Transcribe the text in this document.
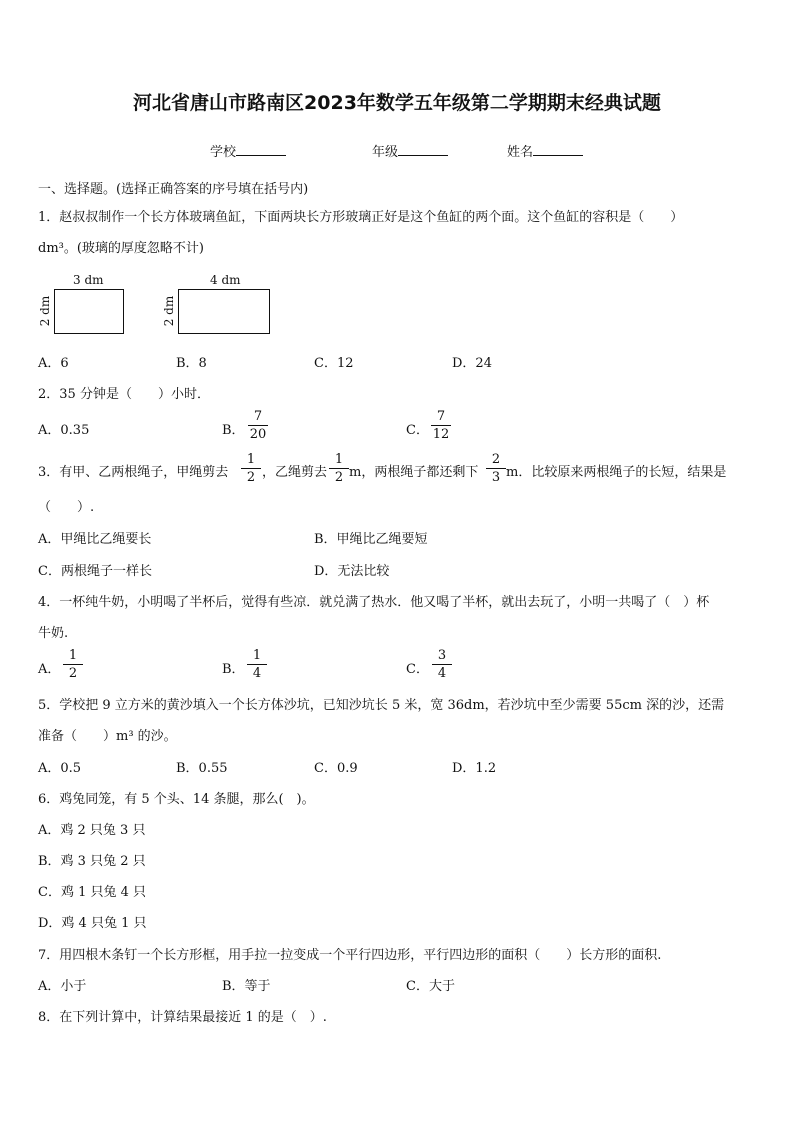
河北省唐山市路南区2023年数学五年级第二学期期末经典试题
学校	年级	姓名
一、选择题。(选择正确答案的序号填在括号内)
1．赵叔叔制作一个长方体玻璃鱼缸，下面两块长方形玻璃正好是这个鱼缸的两个面。这个鱼缸的容积是（　　）
dm³。(玻璃的厚度忽略不计)
3 dm
2 dm
4 dm
2 dm
A．6	B．8	C．12	D．24
2．35 分钟是（　　）小时．
A．0.35	B．
7
20	C．
7
12
3．有甲、乙两根绳子，甲绳剪去
1
2 ，乙绳剪去
1
2 m，两根绳子都还剩下
2
3 m．比较原来两根绳子的长短，结果是
（　　）.
A．甲绳比乙绳要长	B．甲绳比乙绳要短
C．两根绳子一样长	D．无法比较
4．一杯纯牛奶，小明喝了半杯后，觉得有些凉．就兑满了热水．他又喝了半杯，就出去玩了，小明一共喝了（　）杯
牛奶.
A．
1
2	B．
1
4	C．
3
4
5．学校把 9 立方米的黄沙填入一个长方体沙坑，已知沙坑长 5 米，宽 36dm，若沙坑中至少需要 55cm 深的沙，还需
准备（　　）m³ 的沙。
A．0.5	B．0.55	C．0.9	D．1.2
6．鸡兔同笼，有 5 个头、14 条腿，那么(　)。
A．鸡 2 只兔 3 只
B．鸡 3 只兔 2 只
C．鸡 1 只兔 4 只
D．鸡 4 只兔 1 只
7．用四根木条钉一个长方形框，用手拉一拉变成一个平行四边形，平行四边形的面积（　　）长方形的面积.
A．小于	B．等于	C．大于
8．在下列计算中，计算结果最接近 1 的是（　）.
